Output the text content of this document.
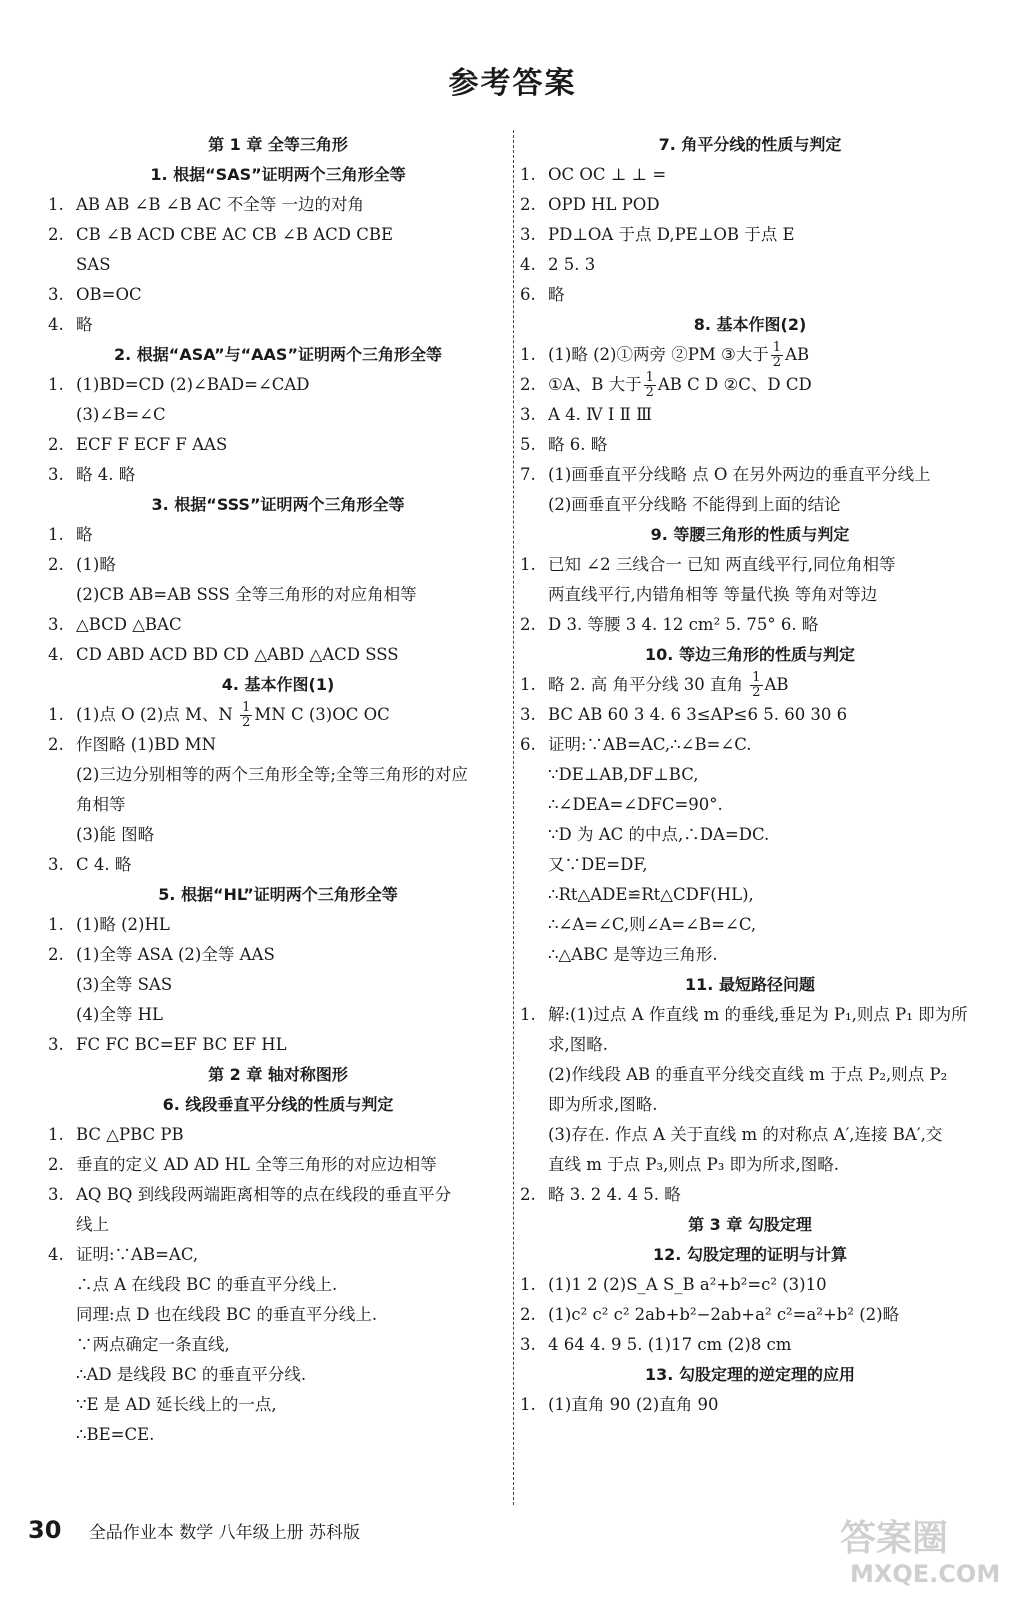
参考答案
第 1 章 全等三角形
1. 根据“SAS”证明两个三角形全等
1. AB AB ∠B ∠B AC 不全等 一边的对角
2. CB ∠B ACD CBE AC CB ∠B ACD CBE
SAS
3. OB=OC
4. 略
2. 根据“ASA”与“AAS”证明两个三角形全等
1. (1)BD=CD (2)∠BAD=∠CAD
(3)∠B=∠C
2. ECF F ECF F AAS
3. 略 4. 略
3. 根据“SSS”证明两个三角形全等
1. 略
2. (1)略
(2)CB AB=AB SSS 全等三角形的对应角相等
3. △BCD △BAC
4. CD ABD ACD BD CD △ABD △ACD SSS
4. 基本作图(1)
1. (1)点 O (2)点 M、N $\frac{1}{2}$ MN C (3)OC OC
2. 作图略 (1)BD MN
(2)三边分别相等的两个三角形全等;全等三角形的对应
角相等
(3)能 图略
3. C 4. 略
5. 根据“HL”证明两个三角形全等
1. (1)略 (2)HL
2. (1)全等 ASA (2)全等 AAS
(3)全等 SAS
(4)全等 HL
3. FC FC BC=EF BC EF HL
第 2 章 轴对称图形
6. 线段垂直平分线的性质与判定
1. BC △PBC PB
2. 垂直的定义 AD AD HL 全等三角形的对应边相等
3. AQ BQ 到线段两端距离相等的点在线段的垂直平分
线上
4. 证明:∵AB=AC,
∴点 A 在线段 BC 的垂直平分线上.
同理:点 D 也在线段 BC 的垂直平分线上.
∵两点确定一条直线,
∴AD 是线段 BC 的垂直平分线.
∵E 是 AD 延长线上的一点,
∴BE=CE.
7. 角平分线的性质与判定
1. OC OC ⊥ ⊥ =
2. OPD HL POD
3. PD⊥OA 于点 D,PE⊥OB 于点 E
4. 2 5. 3
6. 略
8. 基本作图(2)
1. (1)略 (2)①两旁 ②PM ③大于 $\frac{1}{2}$ AB
2. ①A、B 大于 $\frac{1}{2}$ AB C D ②C、D CD
3. A 4. Ⅳ Ⅰ Ⅱ Ⅲ
5. 略 6. 略
7. (1)画垂直平分线略 点 O 在另外两边的垂直平分线上
(2)画垂直平分线略 不能得到上面的结论
9. 等腰三角形的性质与判定
1. 已知 ∠2 三线合一 已知 两直线平行,同位角相等
两直线平行,内错角相等 等量代换 等角对等边
2. D 3. 等腰 3 4. 12 cm² 5. 75° 6. 略
10. 等边三角形的性质与判定
1. 略 2. 高 角平分线 30 直角 $\frac{1}{2}$ AB
3. BC AB 60 3 4. 6 3≤AP≤6 5. 60 30 6
6. 证明:∵AB=AC,∴∠B=∠C.
∵DE⊥AB,DF⊥BC,
∴∠DEA=∠DFC=90°.
∵D 为 AC 的中点,∴DA=DC.
又∵DE=DF,
∴Rt△ADE≌Rt△CDF(HL),
∴∠A=∠C,则∠A=∠B=∠C,
∴△ABC 是等边三角形.
11. 最短路径问题
1. 解:(1)过点 A 作直线 m 的垂线,垂足为 P₁,则点 P₁ 即为所
求,图略.
(2)作线段 AB 的垂直平分线交直线 m 于点 P₂,则点 P₂
即为所求,图略.
(3)存在. 作点 A 关于直线 m 的对称点 A′,连接 BA′,交
直线 m 于点 P₃,则点 P₃ 即为所求,图略.
2. 略 3. 2 4. 4 5. 略
第 3 章 勾股定理
12. 勾股定理的证明与计算
1. (1)1 2 (2)S_A S_B a²+b²=c² (3)10
2. (1)c² c² c² 2ab+b²−2ab+a² c²=a²+b² (2)略
3. 4 64 4. 9 5. (1)17 cm (2)8 cm
13. 勾股定理的逆定理的应用
1. (1)直角 90 (2)直角 90
30 全品作业本 数学 八年级上册 苏科版	答案圈
MXQE.COM
